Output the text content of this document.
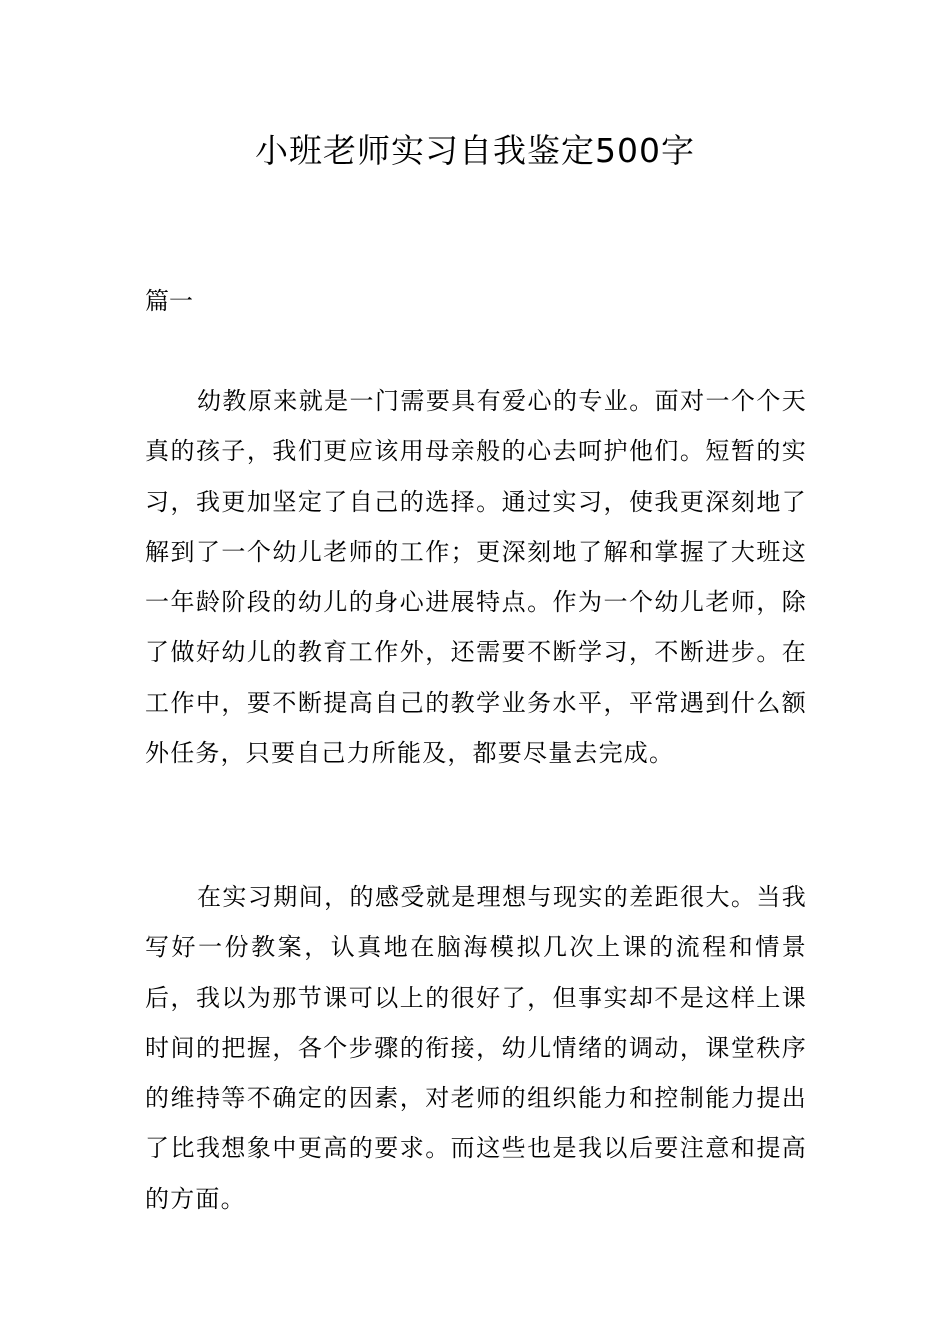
小班老师实习自我鉴定500字

篇一

幼教原来就是一门需要具有爱心的专业。面对一个个天真的孩子，我们更应该用母亲般的心去呵护他们。短暂的实习，我更加坚定了自己的选择。通过实习，使我更深刻地了解到了一个幼儿老师的工作；更深刻地了解和掌握了大班这一年龄阶段的幼儿的身心进展特点。作为一个幼儿老师，除了做好幼儿的教育工作外，还需要不断学习，不断进步。在工作中，要不断提高自己的教学业务水平，平常遇到什么额外任务，只要自己力所能及，都要尽量去完成。

在实习期间，的感受就是理想与现实的差距很大。当我写好一份教案，认真地在脑海模拟几次上课的流程和情景后，我以为那节课可以上的很好了，但事实却不是这样上课时间的把握，各个步骤的衔接，幼儿情绪的调动，课堂秩序的维持等不确定的因素，对老师的组织能力和控制能力提出了比我想象中更高的要求。而这些也是我以后要注意和提高的方面。
